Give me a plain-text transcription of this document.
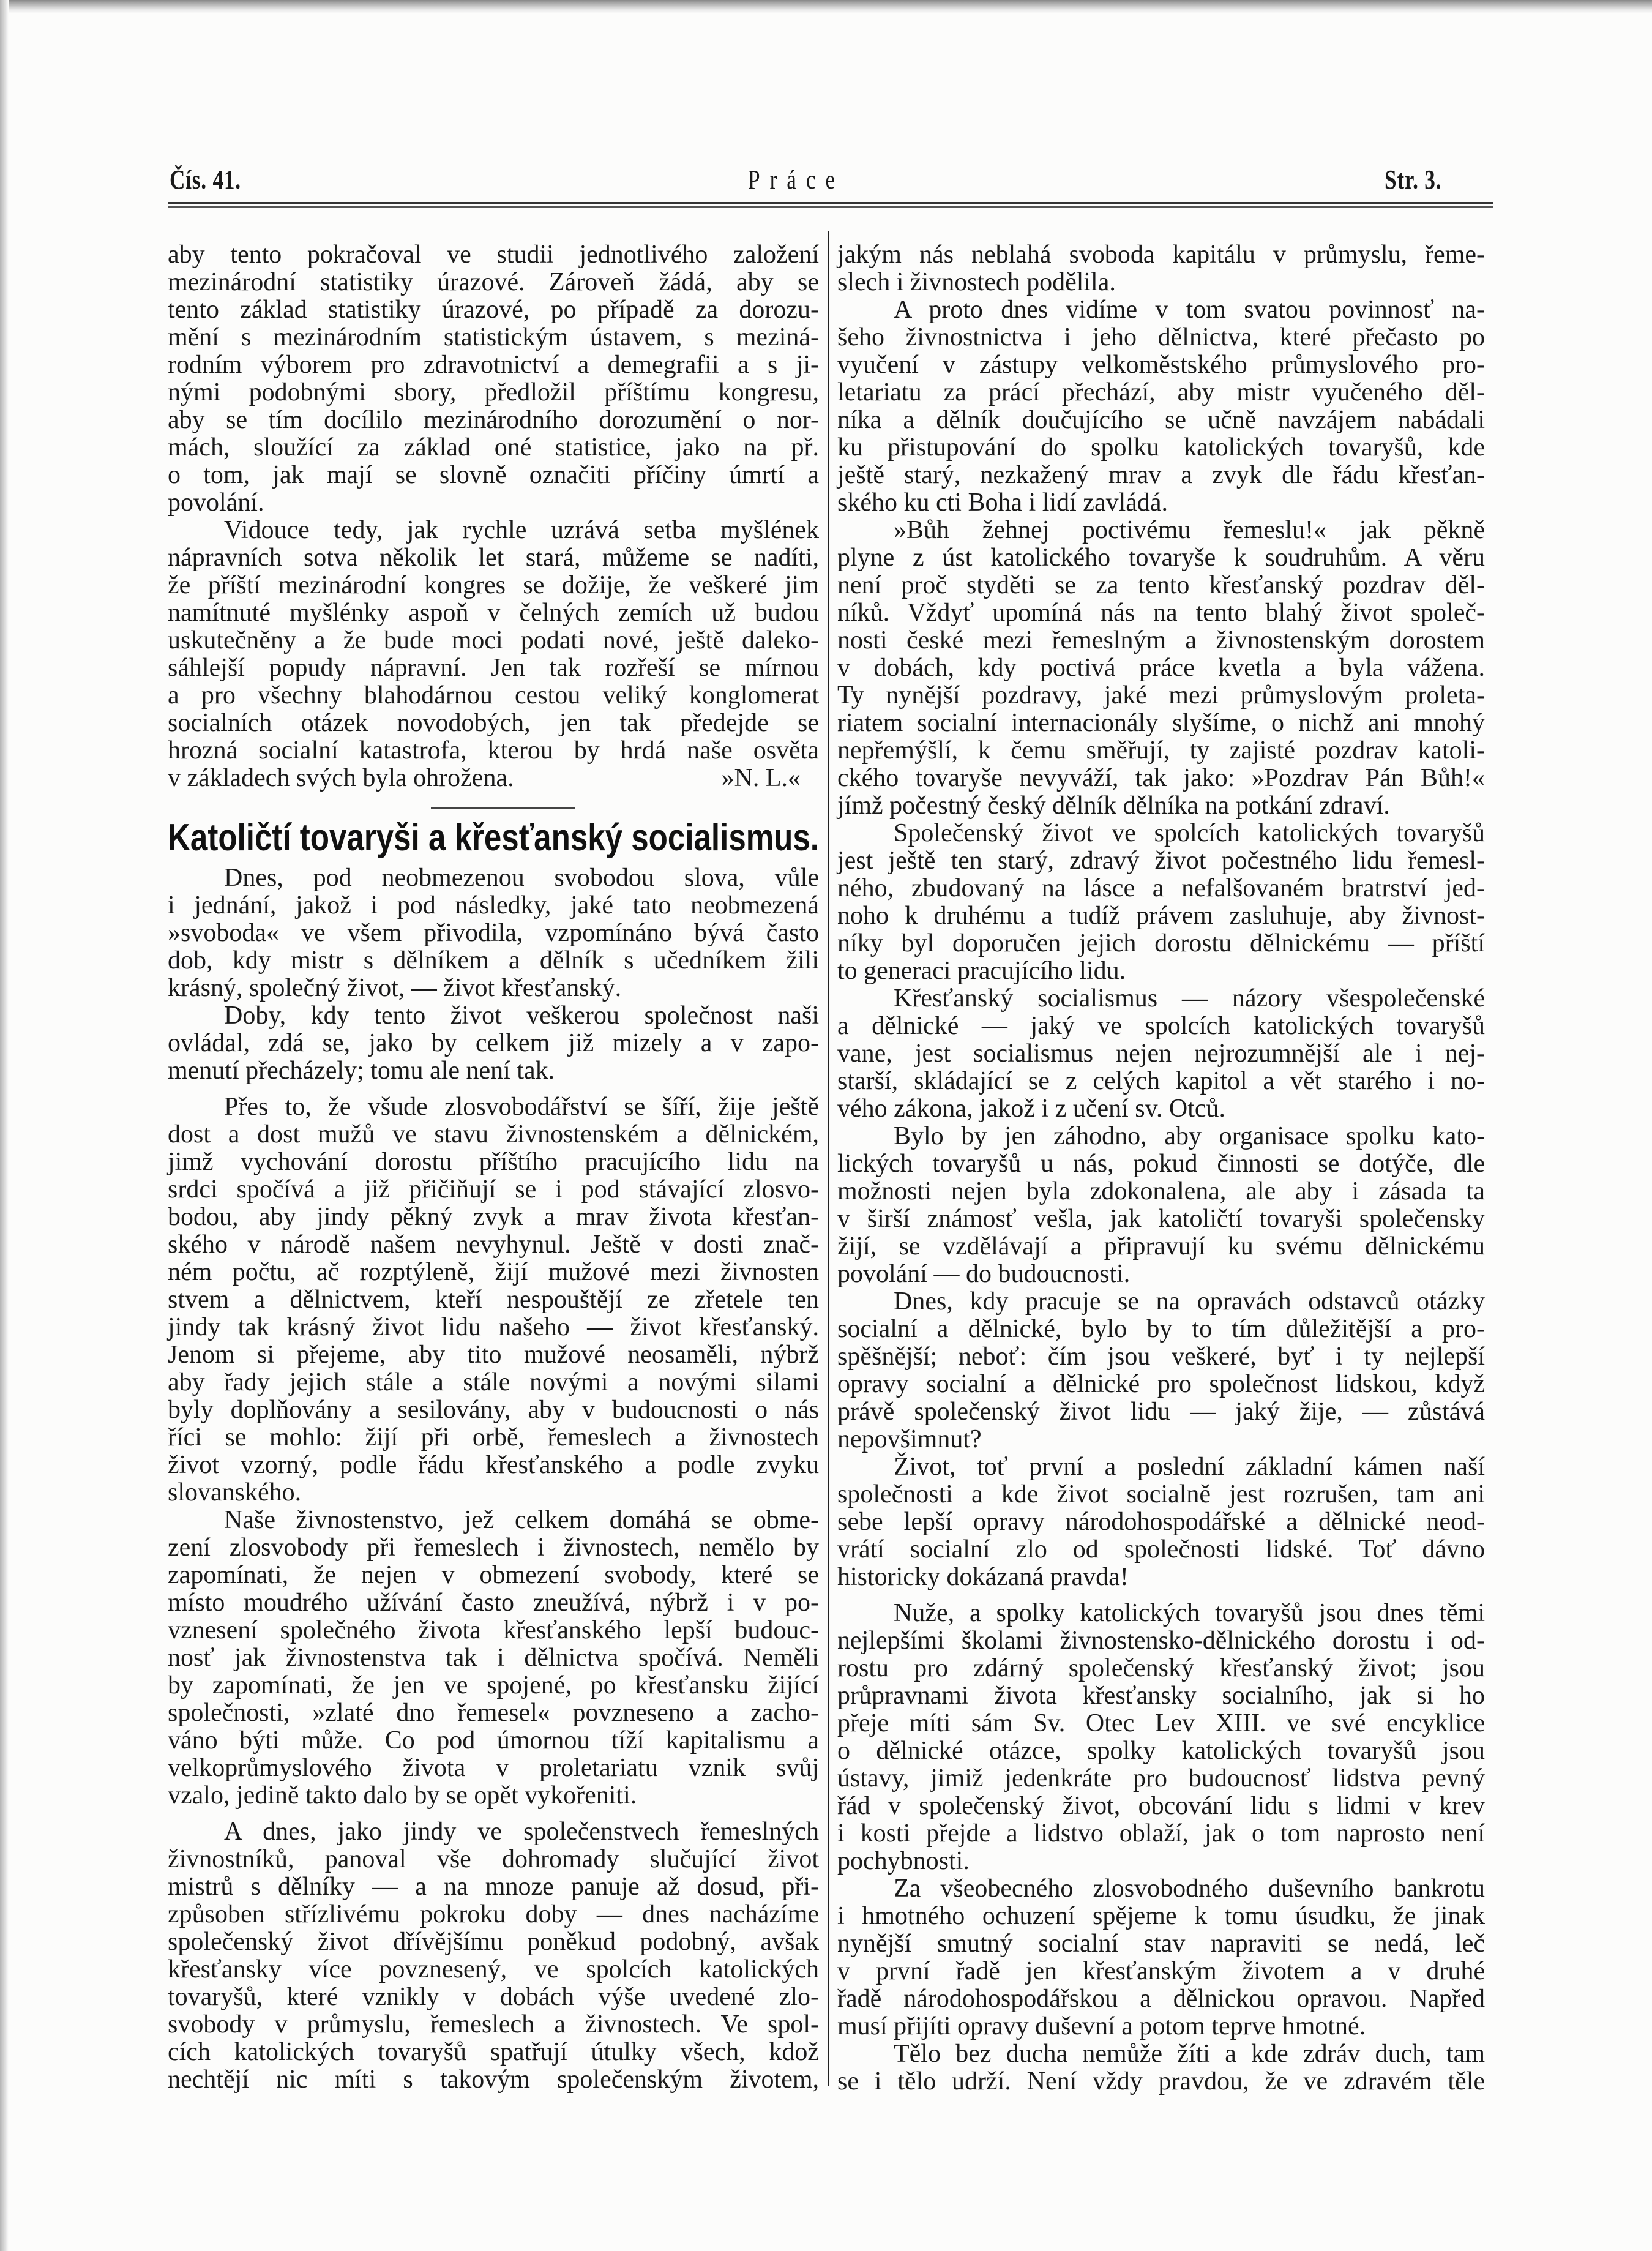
Čís. 41.	Práce	Str. 3.
aby tento pokračoval ve studii jednotlivého založení
mezinárodní statistiky úrazové. Zároveň žádá, aby se
tento základ statistiky úrazové, po případě za dorozu-
mění s mezinárodním statistickým ústavem, s meziná-
rodním výborem pro zdravotnictví a demegrafii a s ji-
nými podobnými sbory, předložil příštímu kongresu,
aby se tím docílilo mezinárodního dorozumění o nor-
mách, sloužící za základ oné statistice, jako na př.
o tom, jak mají se slovně označiti příčiny úmrtí a
povolání.
Vidouce tedy, jak rychle uzrává setba myšlének
nápravních sotva několik let stará, můžeme se nadíti,
že příští mezinárodní kongres se dožije, že veškeré jim
namítnuté myšlénky aspoň v čelných zemích už budou
uskutečněny a že bude moci podati nové, ještě daleko-
sáhlejší popudy nápravní. Jen tak rozřeší se mírnou
a pro všechny blahodárnou cestou veliký konglomerat
socialních otázek novodobých, jen tak předejde se
hrozná socialní katastrofa, kterou by hrdá naše osvěta
v základech svých byla ohrožena.	»N. L.«
Katoličtí tovaryši a křesťanský socialismus.
Dnes, pod neobmezenou svobodou slova, vůle
i jednání, jakož i pod následky, jaké tato neobmezená
»svoboda« ve všem přivodila, vzpomínáno bývá často
dob, kdy mistr s dělníkem a dělník s učedníkem žili
krásný, společný život, — život křesťanský.
Doby, kdy tento život veškerou společnost naši
ovládal, zdá se, jako by celkem již mizely a v zapo-
menutí přecházely; tomu ale není tak.
Přes to, že všude zlosvobodářství se šíří, žije ještě
dost a dost mužů ve stavu živnostenském a dělnickém,
jimž vychování dorostu příštího pracujícího lidu na
srdci spočívá a již přičiňují se i pod stávající zlosvo-
bodou, aby jindy pěkný zvyk a mrav života křesťan-
ského v národě našem nevyhynul. Ještě v dosti znač-
ném počtu, ač rozptýleně, žijí mužové mezi živnosten
stvem a dělnictvem, kteří nespouštějí ze zřetele ten
jindy tak krásný život lidu našeho — život křesťanský.
Jenom si přejeme, aby tito mužové neosaměli, nýbrž
aby řady jejich stále a stále novými a novými silami
byly doplňovány a sesilovány, aby v budoucnosti o nás
říci se mohlo: žijí při orbě, řemeslech a živnostech
život vzorný, podle řádu křesťanského a podle zvyku
slovanského.
Naše živnostenstvo, jež celkem domáhá se obme-
zení zlosvobody při řemeslech i živnostech, nemělo by
zapomínati, že nejen v obmezení svobody, které se
místo moudrého užívání často zneužívá, nýbrž i v po-
vznesení společného života křesťanského lepší budouc-
nosť jak živnostenstva tak i dělnictva spočívá. Neměli
by zapomínati, že jen ve spojené, po křesťansku žijící
společnosti, »zlaté dno řemesel« povzneseno a zacho-
váno býti může. Co pod úmornou tíží kapitalismu a
velkoprůmyslového života v proletariatu vznik svůj
vzalo, jedině takto dalo by se opět vykořeniti.
A dnes, jako jindy ve společenstvech řemeslných
živnostníků, panoval vše dohromady slučující život
mistrů s dělníky — a na mnoze panuje až dosud, při-
způsoben střízlivému pokroku doby — dnes nacházíme
společenský život dřívějšímu poněkud podobný, avšak
křesťansky více povznesený, ve spolcích katolických
tovaryšů, které vznikly v dobách výše uvedené zlo-
svobody v průmyslu, řemeslech a živnostech. Ve spol-
cích katolických tovaryšů spatřují útulky všech, kdož
nechtějí nic míti s takovým společenským životem,
jakým nás neblahá svoboda kapitálu v průmyslu, řeme-
slech i živnostech podělila.
A proto dnes vidíme v tom svatou povinnosť na-
šeho živnostnictva i jeho dělnictva, které přečasto po
vyučení v zástupy velkoměstského průmyslového pro-
letariatu za prácí přechází, aby mistr vyučeného děl-
níka a dělník doučujícího se učně navzájem nabádali
ku přistupování do spolku katolických tovaryšů, kde
ještě starý, nezkažený mrav a zvyk dle řádu křesťan-
ského ku cti Boha i lidí zavládá.
»Bůh žehnej poctivému řemeslu!« jak pěkně
plyne z úst katolického tovaryše k soudruhům. A věru
není proč styděti se za tento křesťanský pozdrav děl-
níků. Vždyť upomíná nás na tento blahý život společ-
nosti české mezi řemeslným a živnostenským dorostem
v dobách, kdy poctivá práce kvetla a byla vážena.
Ty nynější pozdravy, jaké mezi průmyslovým proleta-
riatem socialní internacionály slyšíme, o nichž ani mnohý
nepřemýšlí, k čemu směřují, ty zajisté pozdrav katoli-
ckého tovaryše nevyváží, tak jako: »Pozdrav Pán Bůh!«
jímž počestný český dělník dělníka na potkání zdraví.
Společenský život ve spolcích katolických tovaryšů
jest ještě ten starý, zdravý život počestného lidu řemesl-
ného, zbudovaný na lásce a nefalšovaném bratrství jed-
noho k druhému a tudíž právem zasluhuje, aby živnost-
níky byl doporučen jejich dorostu dělnickému — příští
to generaci pracujícího lidu.
Křesťanský socialismus — názory všespolečenské
a dělnické — jaký ve spolcích katolických tovaryšů
vane, jest socialismus nejen nejrozumnější ale i nej-
starší, skládající se z celých kapitol a vět starého i no-
vého zákona, jakož i z učení sv. Otců.
Bylo by jen záhodno, aby organisace spolku kato-
lických tovaryšů u nás, pokud činnosti se dotýče, dle
možnosti nejen byla zdokonalena, ale aby i zásada ta
v širší známosť vešla, jak katoličtí tovaryši společensky
žijí, se vzdělávají a připravují ku svému dělnickému
povolání — do budoucnosti.
Dnes, kdy pracuje se na opravách odstavců otázky
socialní a dělnické, bylo by to tím důležitější a pro-
spěšnější; neboť: čím jsou veškeré, byť i ty nejlepší
opravy socialní a dělnické pro společnost lidskou, když
právě společenský život lidu — jaký žije, — zůstává
nepovšimnut?
Život, toť první a poslední základní kámen naší
společnosti a kde život socialně jest rozrušen, tam ani
sebe lepší opravy národohospodářské a dělnické neod-
vrátí socialní zlo od společnosti lidské. Toť dávno
historicky dokázaná pravda!
Nuže, a spolky katolických tovaryšů jsou dnes těmi
nejlepšími školami živnostensko-dělnického dorostu i od-
rostu pro zdárný společenský křesťanský život; jsou
průpravnami života křesťansky socialního, jak si ho
přeje míti sám Sv. Otec Lev XIII. ve své encyklice
o dělnické otázce, spolky katolických tovaryšů jsou
ústavy, jimiž jedenkráte pro budoucnosť lidstva pevný
řád v společenský život, obcování lidu s lidmi v krev
i kosti přejde a lidstvo oblaží, jak o tom naprosto není
pochybnosti.
Za všeobecného zlosvobodného duševního bankrotu
i hmotného ochuzení spějeme k tomu úsudku, že jinak
nynější smutný socialní stav napraviti se nedá, leč
v první řadě jen křesťanským životem a v druhé
řadě národohospodářskou a dělnickou opravou. Napřed
musí přijíti opravy duševní a potom teprve hmotné.
Tělo bez ducha nemůže žíti a kde zdráv duch, tam
se i tělo udrží. Není vždy pravdou, že ve zdravém těle
